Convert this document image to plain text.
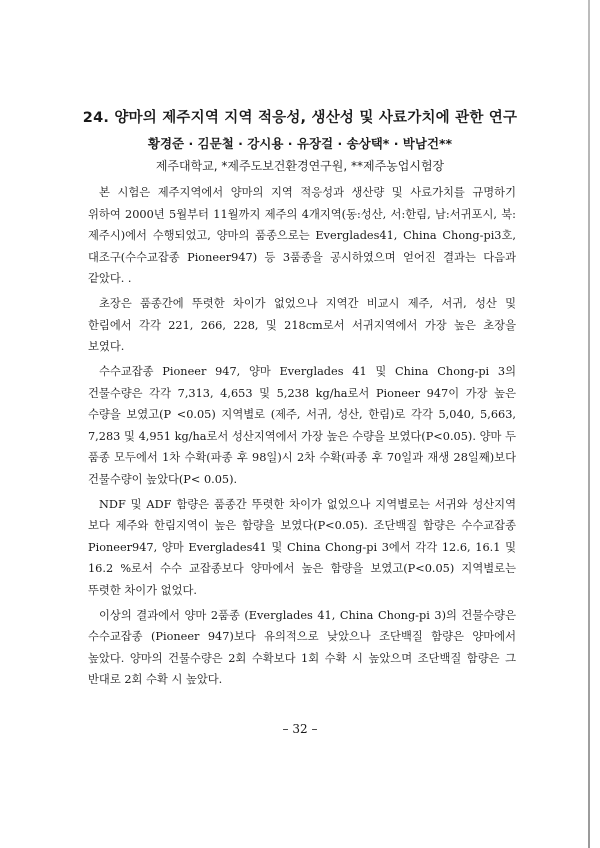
24. 양마의 제주지역 지역 적응성, 생산성 및 사료가치에 관한 연구
황경준 · 김문철 · 강시용 · 유장걸 · 송상택* · 박남건**
제주대학교, *제주도보건환경연구원, **제주농업시험장

본 시험은 제주지역에서 양마의 지역 적응성과 생산량 및 사료가치를 규명하기 위하여 2000년 5월부터 11월까지 제주의 4개지역(동:성산, 서:한림, 남:서귀포시, 북:제주시)에서 수행되었고, 양마의 품종으로는 Everglades41, China Chong-pi3호, 대조구(수수교잡종 Pioneer947) 등 3품종을 공시하였으며 얻어진 결과는 다음과 같았다. .

초장은 품종간에 뚜렷한 차이가 없었으나 지역간 비교시 제주, 서귀, 성산 및 한림에서 각각 221, 266, 228, 및 218cm로서 서귀지역에서 가장 높은 초장을 보였다.

수수교잡종 Pioneer 947, 양마 Everglades 41 및 China Chong-pi 3의 건물수량은 각각 7,313, 4,653 및 5,238 kg/ha로서 Pioneer 947이 가장 높은 수량을 보였고(P <0.05) 지역별로 (제주, 서귀, 성산, 한림)로 각각 5,040, 5,663, 7,283 및 4,951 kg/ha로서 성산지역에서 가장 높은 수량을 보였다(P<0.05). 양마 두 품종 모두에서 1차 수확(파종 후 98일)시 2차 수확(파종 후 70일과 재생 28일째)보다 건물수량이 높았다(P< 0.05).

NDF 및 ADF 함량은 품종간 뚜렷한 차이가 없었으나 지역별로는 서귀와 성산지역 보다 제주와 한림지역이 높은 함량을 보였다(P<0.05). 조단백질 함량은 수수교잡종 Pioneer947, 양마 Everglades41 및 China Chong-pi 3에서 각각 12.6, 16.1 및 16.2 %로서 수수 교잡종보다 양마에서 높은 함량을 보였고(P<0.05) 지역별로는 뚜렷한 차이가 없었다.

이상의 결과에서 양마 2품종 (Everglades 41, China Chong-pi 3)의 건물수량은 수수교잡종 (Pioneer 947)보다 유의적으로 낮았으나 조단백질 함량은 양마에서 높았다. 양마의 건물수량은 2회 수확보다 1회 수확 시 높았으며 조단백질 함량은 그 반대로 2회 수확 시 높았다.

– 32 –
